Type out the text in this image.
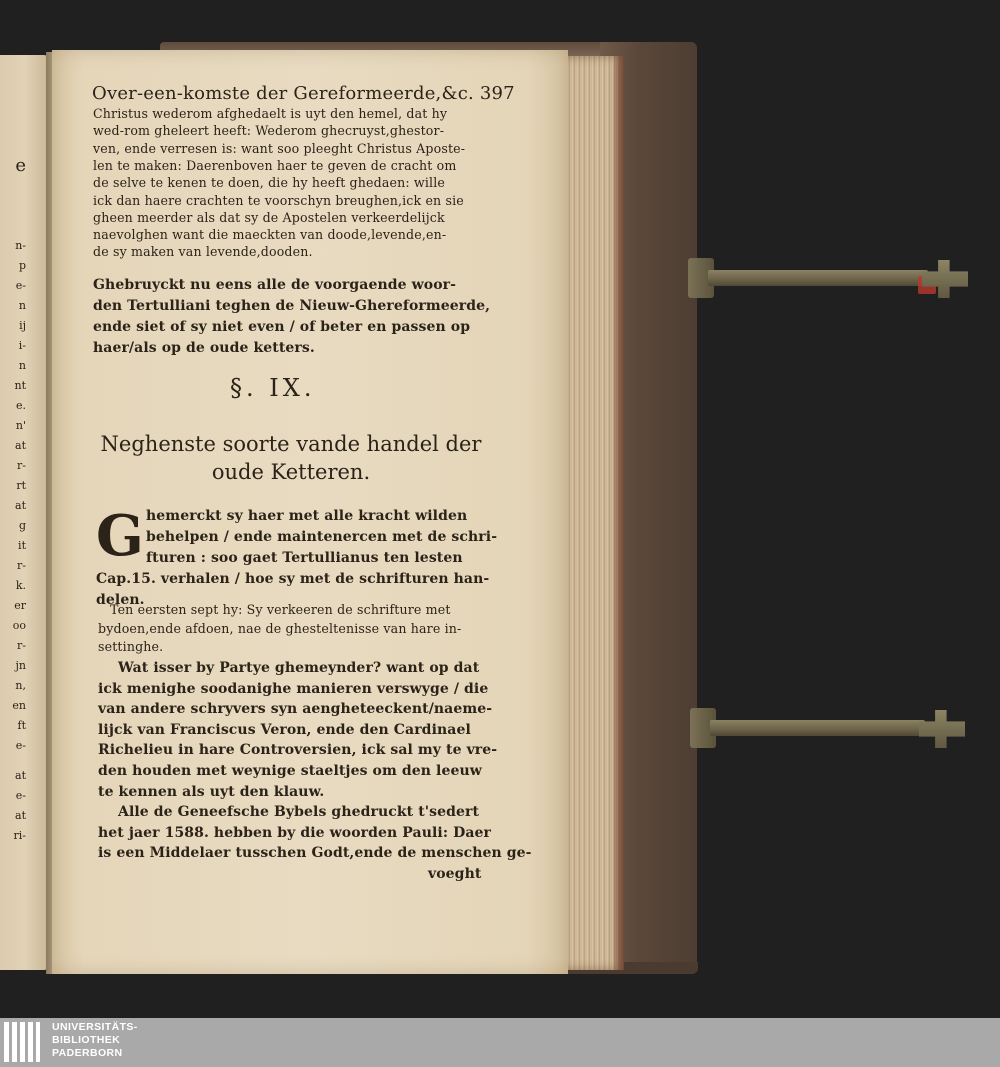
e
n-
p
e-
n
ij
i-
n
nt
e.
n'
at
r-
rt
at
g
it
r-
k.
er
oo
r-
jn
n,
en
ft
e-
at
e-
at
ri-
Over-een-komste der Gereformeerde,&c. 397
Christus wederom afghedaelt is uyt den hemel, dat hy
wed-rom gheleert heeft: Wederom ghecruyst,ghestor-
ven, ende verresen is: want soo pleeght Christus Aposte-
len te maken: Daerenboven haer te geven de cracht om
de selve te kenen te doen, die hy heeft ghedaen: wille
ick dan haere crachten te voorschyn breughen,ick en sie
gheen meerder als dat sy de Apostelen verkeerdelijck
naevolghen want die maeckten van doode,levende,en-
de sy maken van levende,dooden.
Ghebruyckt nu eens alle de voorgaende woor-
den Tertulliani teghen de Nieuw-Ghereformeerde,
ende siet of sy niet even / of beter en passen op
haer/als op de oude ketters.
§. IX.
Neghenste soorte vande handel der oude Ketteren.
G hemerckt sy haer met alle kracht wilden
behelpen / ende maintenercen met de schri-
fturen : soo gaet Tertullianus ten lesten
Cap.15. verhalen / hoe sy met de schrifturen han-
delen.
Ten eersten sept hy: Sy verkeeren de schrifture met
bydoen,ende afdoen, nae de ghesteltenisse van hare in-
settinghe.
Wat isser by Partye ghemeynder? want op dat
ick menighe soodanighe manieren verswyge / die
van andere schryvers syn aengheteeckent/naeme-
lijck van Franciscus Veron, ende den Cardinael
Richelieu in hare Controversien, ick sal my te vre-
den houden met weynige staeltjes om den leeuw
te kennen als uyt den klauw.
Alle de Geneefsche Bybels ghedruckt t'sedert
het jaer 1588. hebben by die woorden Pauli: Daer
is een Middelaer tusschen Godt,ende de menschen ge-
voeght
UNIVERSITÄTS-
BIBLIOTHEK
PADERBORN
